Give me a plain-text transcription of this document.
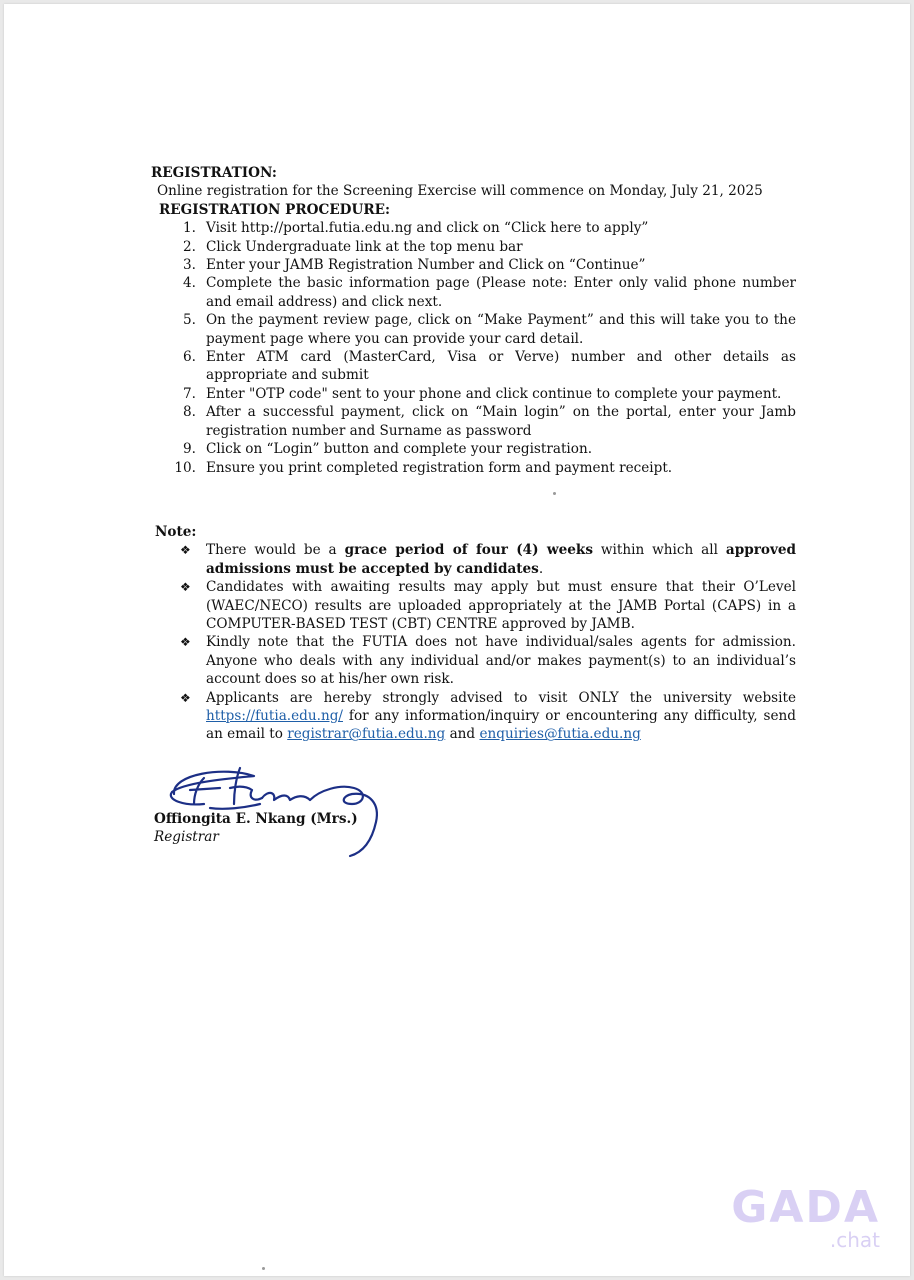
REGISTRATION:

Online registration for the Screening Exercise will commence on Monday, July 21, 2025

REGISTRATION PROCEDURE:

1. Visit http://portal.futia.edu.ng and click on “Click here to apply”
2. Click Undergraduate link at the top menu bar
3. Enter your JAMB Registration Number and Click on “Continue”
4. Complete the basic information page (Please note: Enter only valid phone number and email address) and click next.
5. On the payment review page, click on “Make Payment” and this will take you to the payment page where you can provide your card detail.
6. Enter ATM card (MasterCard, Visa or Verve) number and other details as appropriate and submit
7. Enter "OTP code" sent to your phone and click continue to complete your payment.
8. After a successful payment, click on “Main login” on the portal, enter your Jamb registration number and Surname as password
9. Click on “Login” button and complete your registration.
10. Ensure you print completed registration form and payment receipt.

Note:

❖ There would be a grace period of four (4) weeks within which all approved admissions must be accepted by candidates.
❖ Candidates with awaiting results may apply but must ensure that their O’Level (WAEC/NECO) results are uploaded appropriately at the JAMB Portal (CAPS) in a COMPUTER-BASED TEST (CBT) CENTRE approved by JAMB.
❖ Kindly note that the FUTIA does not have individual/sales agents for admission. Anyone who deals with any individual and/or makes payment(s) to an individual’s account does so at his/her own risk.
❖ Applicants are hereby strongly advised to visit ONLY the university website https://futia.edu.ng/ for any information/inquiry or encountering any difficulty, send an email to registrar@futia.edu.ng and enquiries@futia.edu.ng
Offiongita E. Nkang (Mrs.)
Registrar
GADA
.chat
